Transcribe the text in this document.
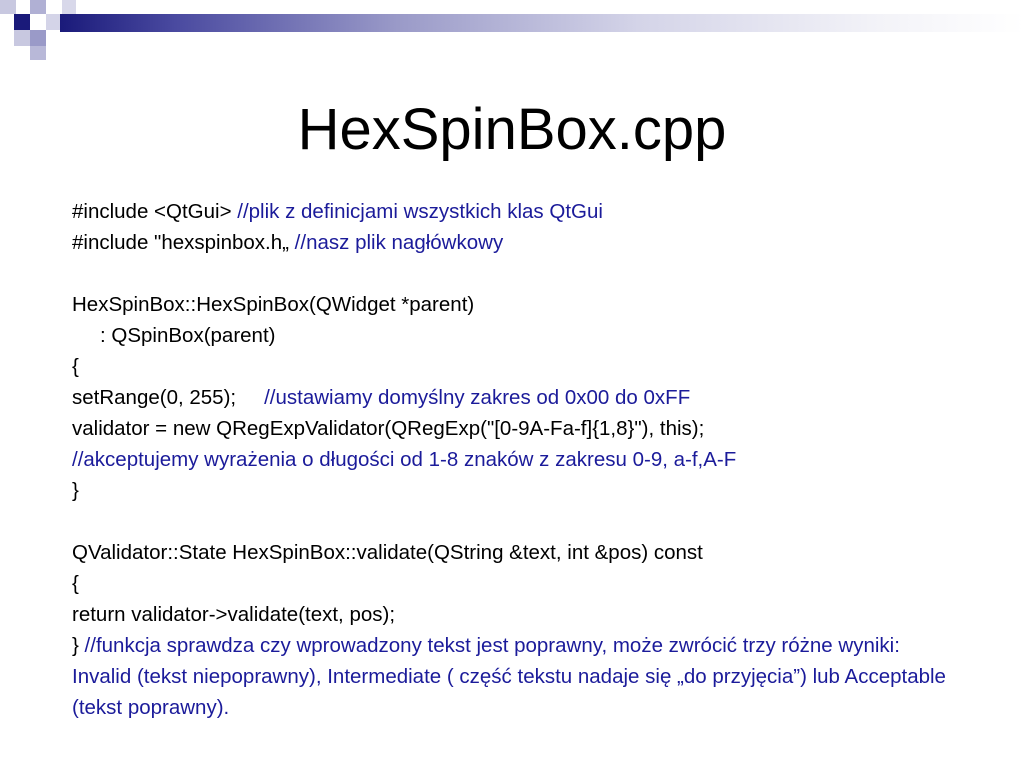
HexSpinBox.cpp
#include <QtGui> //plik z definicjami wszystkich klas QtGui
#include "hexspinbox.h„ //nasz plik nagłówkowy
HexSpinBox::HexSpinBox(QWidget *parent)
: QSpinBox(parent)
{
setRange(0, 255); //ustawiamy domyślny zakres od 0x00 do 0xFF
validator = new QRegExpValidator(QRegExp("[0-9A-Fa-f]{1,8}"), this);
//akceptujemy wyrażenia o długości od 1-8 znaków z zakresu 0-9, a-f,A-F
}
QValidator::State HexSpinBox::validate(QString &text, int &pos) const
{
return validator->validate(text, pos);
} //funkcja sprawdza czy wprowadzony tekst jest poprawny, może zwrócić trzy różne wyniki: Invalid (tekst niepoprawny), Intermediate ( część tekstu nadaje się „do przyjęcia”) lub Acceptable (tekst poprawny).
